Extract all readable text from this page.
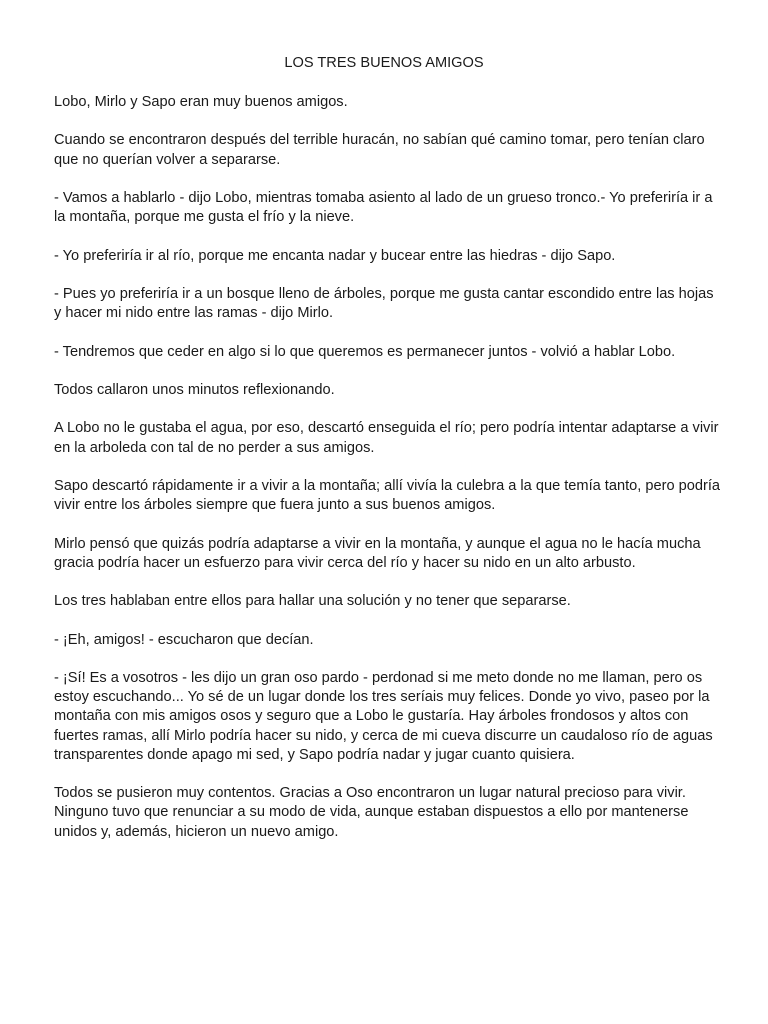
LOS TRES BUENOS AMIGOS

Lobo, Mirlo y Sapo eran muy buenos amigos.

Cuando se encontraron después del terrible huracán, no sabían qué camino tomar, pero tenían claro que no querían volver a separarse.

- Vamos a hablarlo - dijo Lobo, mientras tomaba asiento al lado de un grueso tronco.- Yo preferiría ir a la montaña, porque me gusta el frío y la nieve.

- Yo preferiría ir al río, porque me encanta nadar y bucear entre las hiedras - dijo Sapo.

- Pues yo preferiría ir a un bosque lleno de árboles, porque me gusta cantar escondido entre las hojas y hacer mi nido entre las ramas - dijo Mirlo.

- Tendremos que ceder en algo si lo que queremos es permanecer juntos - volvió a hablar Lobo.

Todos callaron unos minutos reflexionando.

A Lobo no le gustaba el agua, por eso, descartó enseguida el río; pero podría intentar adaptarse a vivir en la arboleda con tal de no perder a sus amigos.

Sapo descartó rápidamente ir a vivir a la montaña; allí vivía la culebra a la que temía tanto, pero podría vivir entre los árboles siempre que fuera junto a sus buenos amigos.

Mirlo pensó que quizás podría adaptarse a vivir en la montaña, y aunque el agua no le hacía mucha gracia podría hacer un esfuerzo para vivir cerca del río y hacer su nido en un alto arbusto.

Los tres hablaban entre ellos para hallar una solución y no tener que separarse.

- ¡Eh, amigos! - escucharon que decían.

- ¡Sí! Es a vosotros - les dijo un gran oso pardo - perdonad si me meto donde no me llaman, pero os estoy escuchando... Yo sé de un lugar donde los tres seríais muy felices. Donde yo vivo, paseo por la montaña con mis amigos osos y seguro que a Lobo le gustaría. Hay árboles frondosos y altos con fuertes ramas, allí Mirlo podría hacer su nido, y cerca de mi cueva discurre un caudaloso río de aguas transparentes donde apago mi sed, y Sapo podría nadar y jugar cuanto quisiera.

Todos se pusieron muy contentos. Gracias a Oso encontraron un lugar natural precioso para vivir. Ninguno tuvo que renunciar a su modo de vida, aunque estaban dispuestos a ello por mantenerse unidos y, además, hicieron un nuevo amigo.
